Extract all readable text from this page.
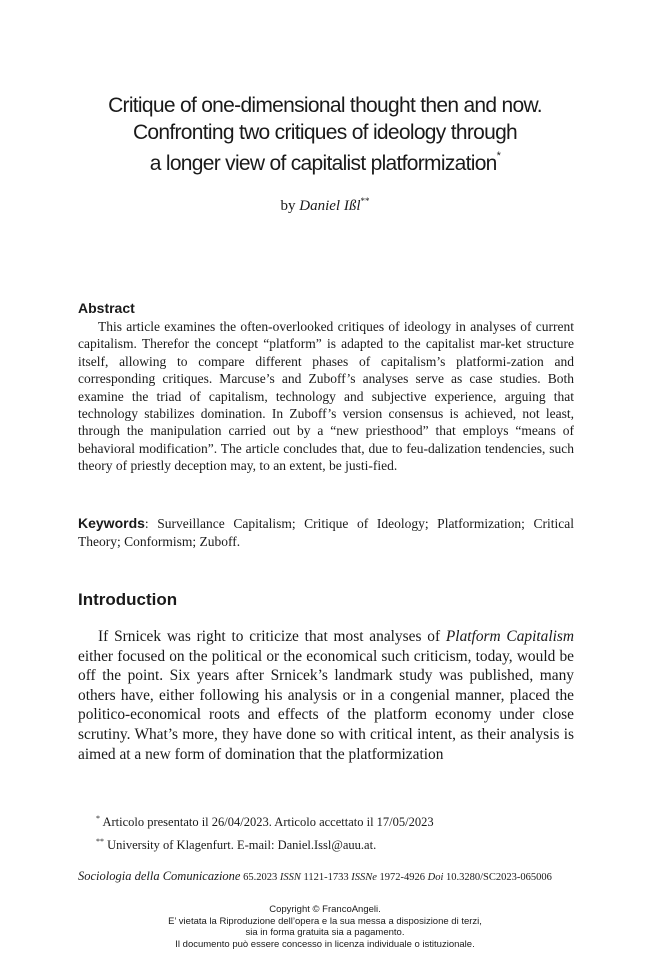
Critique of one-dimensional thought then and now.
Confronting two critiques of ideology through
a longer view of capitalist platformization*
by Daniel Ißl**
Abstract

This article examines the often-overlooked critiques of ideology in analyses of current capitalism. Therefor the concept “platform” is adapted to the capitalist mar-ket structure itself, allowing to compare different phases of capitalism’s platformi-zation and corresponding critiques. Marcuse’s and Zuboff’s analyses serve as case studies. Both examine the triad of capitalism, technology and subjective experience, arguing that technology stabilizes domination. In Zuboff’s version consensus is achieved, not least, through the manipulation carried out by a “new priesthood” that employs “means of behavioral modification”. The article concludes that, due to feu-dalization tendencies, such theory of priestly deception may, to an extent, be justi-fied.

Keywords: Surveillance Capitalism; Critique of Ideology; Platformization; Critical Theory; Conformism; Zuboff.

Introduction

If Srnicek was right to criticize that most analyses of Platform Capitalism either focused on the political or the economical such criticism, today, would be off the point. Six years after Srnicek’s landmark study was published, many others have, either following his analysis or in a congenial manner, placed the politico-economical roots and effects of the platform economy under close scrutiny. What’s more, they have done so with critical intent, as their analysis is aimed at a new form of domination that the platformization

* Articolo presentato il 26/04/2023. Articolo accettato il 17/05/2023
** University of Klagenfurt. E-mail: Daniel.Issl@auu.at.
Sociologia della Comunicazione 65.2023 ISSN 1121-1733 ISSNe 1972-4926 Doi 10.3280/SC2023-065006
Copyright © FrancoAngeli.
E’ vietata la Riproduzione dell’opera e la sua messa a disposizione di terzi,
sia in forma gratuita sia a pagamento.
Il documento può essere concesso in licenza individuale o istituzionale.
